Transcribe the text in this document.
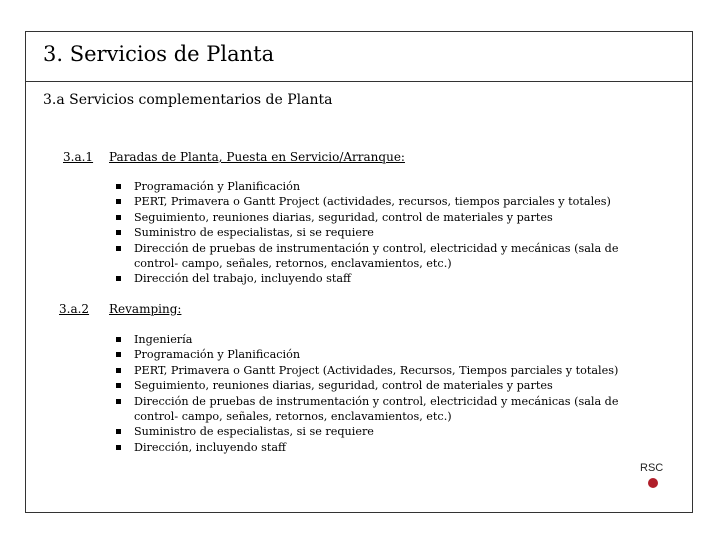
3. Servicios de Planta
3.a Servicios complementarios de Planta
3.a.1 Paradas de Planta, Puesta en Servicio/Arranque:
Programación y Planificación
PERT, Primavera o Gantt Project (actividades, recursos, tiempos parciales y totales)
Seguimiento, reuniones diarias, seguridad, control de materiales y partes
Suministro de especialistas, si se requiere
Dirección de pruebas de instrumentación y control, electricidad y mecánicas (sala de control- campo, señales, retornos, enclavamientos, etc.)
Dirección del trabajo, incluyendo staff
3.a.2 Revamping:
Ingeniería
Programación y Planificación
PERT, Primavera o Gantt Project (Actividades, Recursos, Tiempos parciales y totales)
Seguimiento, reuniones diarias, seguridad, control de materiales y partes
Dirección de pruebas de instrumentación y control, electricidad y mecánicas (sala de control- campo, señales, retornos, enclavamientos, etc.)
Suministro de especialistas, si se requiere
Dirección, incluyendo staff
RSC
